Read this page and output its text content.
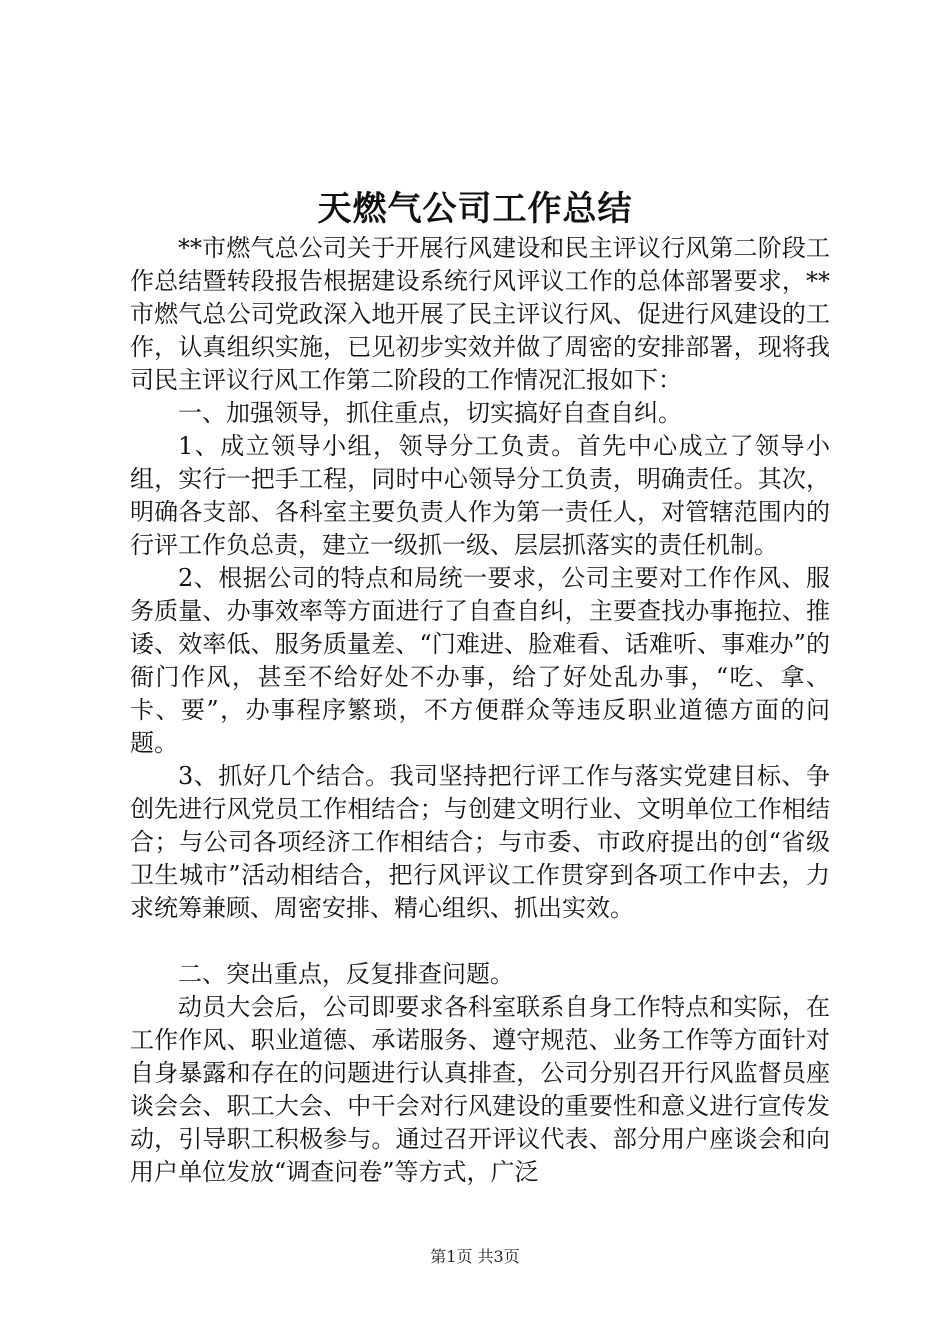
天燃气公司工作总结

**市燃气总公司关于开展行风建设和民主评议行风第二阶段工作总结暨转段报告根据建设系统行风评议工作的总体部署要求，**市燃气总公司党政深入地开展了民主评议行风、促进行风建设的工作，认真组织实施，已见初步实效并做了周密的安排部署，现将我司民主评议行风工作第二阶段的工作情况汇报如下：

一、加强领导，抓住重点，切实搞好自查自纠。

1、成立领导小组，领导分工负责。首先中心成立了领导小组，实行一把手工程，同时中心领导分工负责，明确责任。其次，明确各支部、各科室主要负责人作为第一责任人，对管辖范围内的行评工作负总责，建立一级抓一级、层层抓落实的责任机制。

2、根据公司的特点和局统一要求，公司主要对工作作风、服务质量、办事效率等方面进行了自查自纠，主要查找办事拖拉、推诿、效率低、服务质量差、“门难进、脸难看、话难听、事难办”的衙门作风，甚至不给好处不办事，给了好处乱办事，“吃、拿、卡、要”，办事程序繁琐，不方便群众等违反职业道德方面的问题。

3、抓好几个结合。我司坚持把行评工作与落实党建目标、争创先进行风党员工作相结合；与创建文明行业、文明单位工作相结合；与公司各项经济工作相结合；与市委、市政府提出的创“省级卫生城市”活动相结合，把行风评议工作贯穿到各项工作中去，力求统筹兼顾、周密安排、精心组织、抓出实效。

二、突出重点，反复排查问题。

动员大会后，公司即要求各科室联系自身工作特点和实际，在工作作风、职业道德、承诺服务、遵守规范、业务工作等方面针对自身暴露和存在的问题进行认真排查，公司分别召开行风监督员座谈会会、职工大会、中干会对行风建设的重要性和意义进行宣传发动，引导职工积极参与。通过召开评议代表、部分用户座谈会和向用户单位发放“调查问卷”等方式，广泛

第1页 共3页
